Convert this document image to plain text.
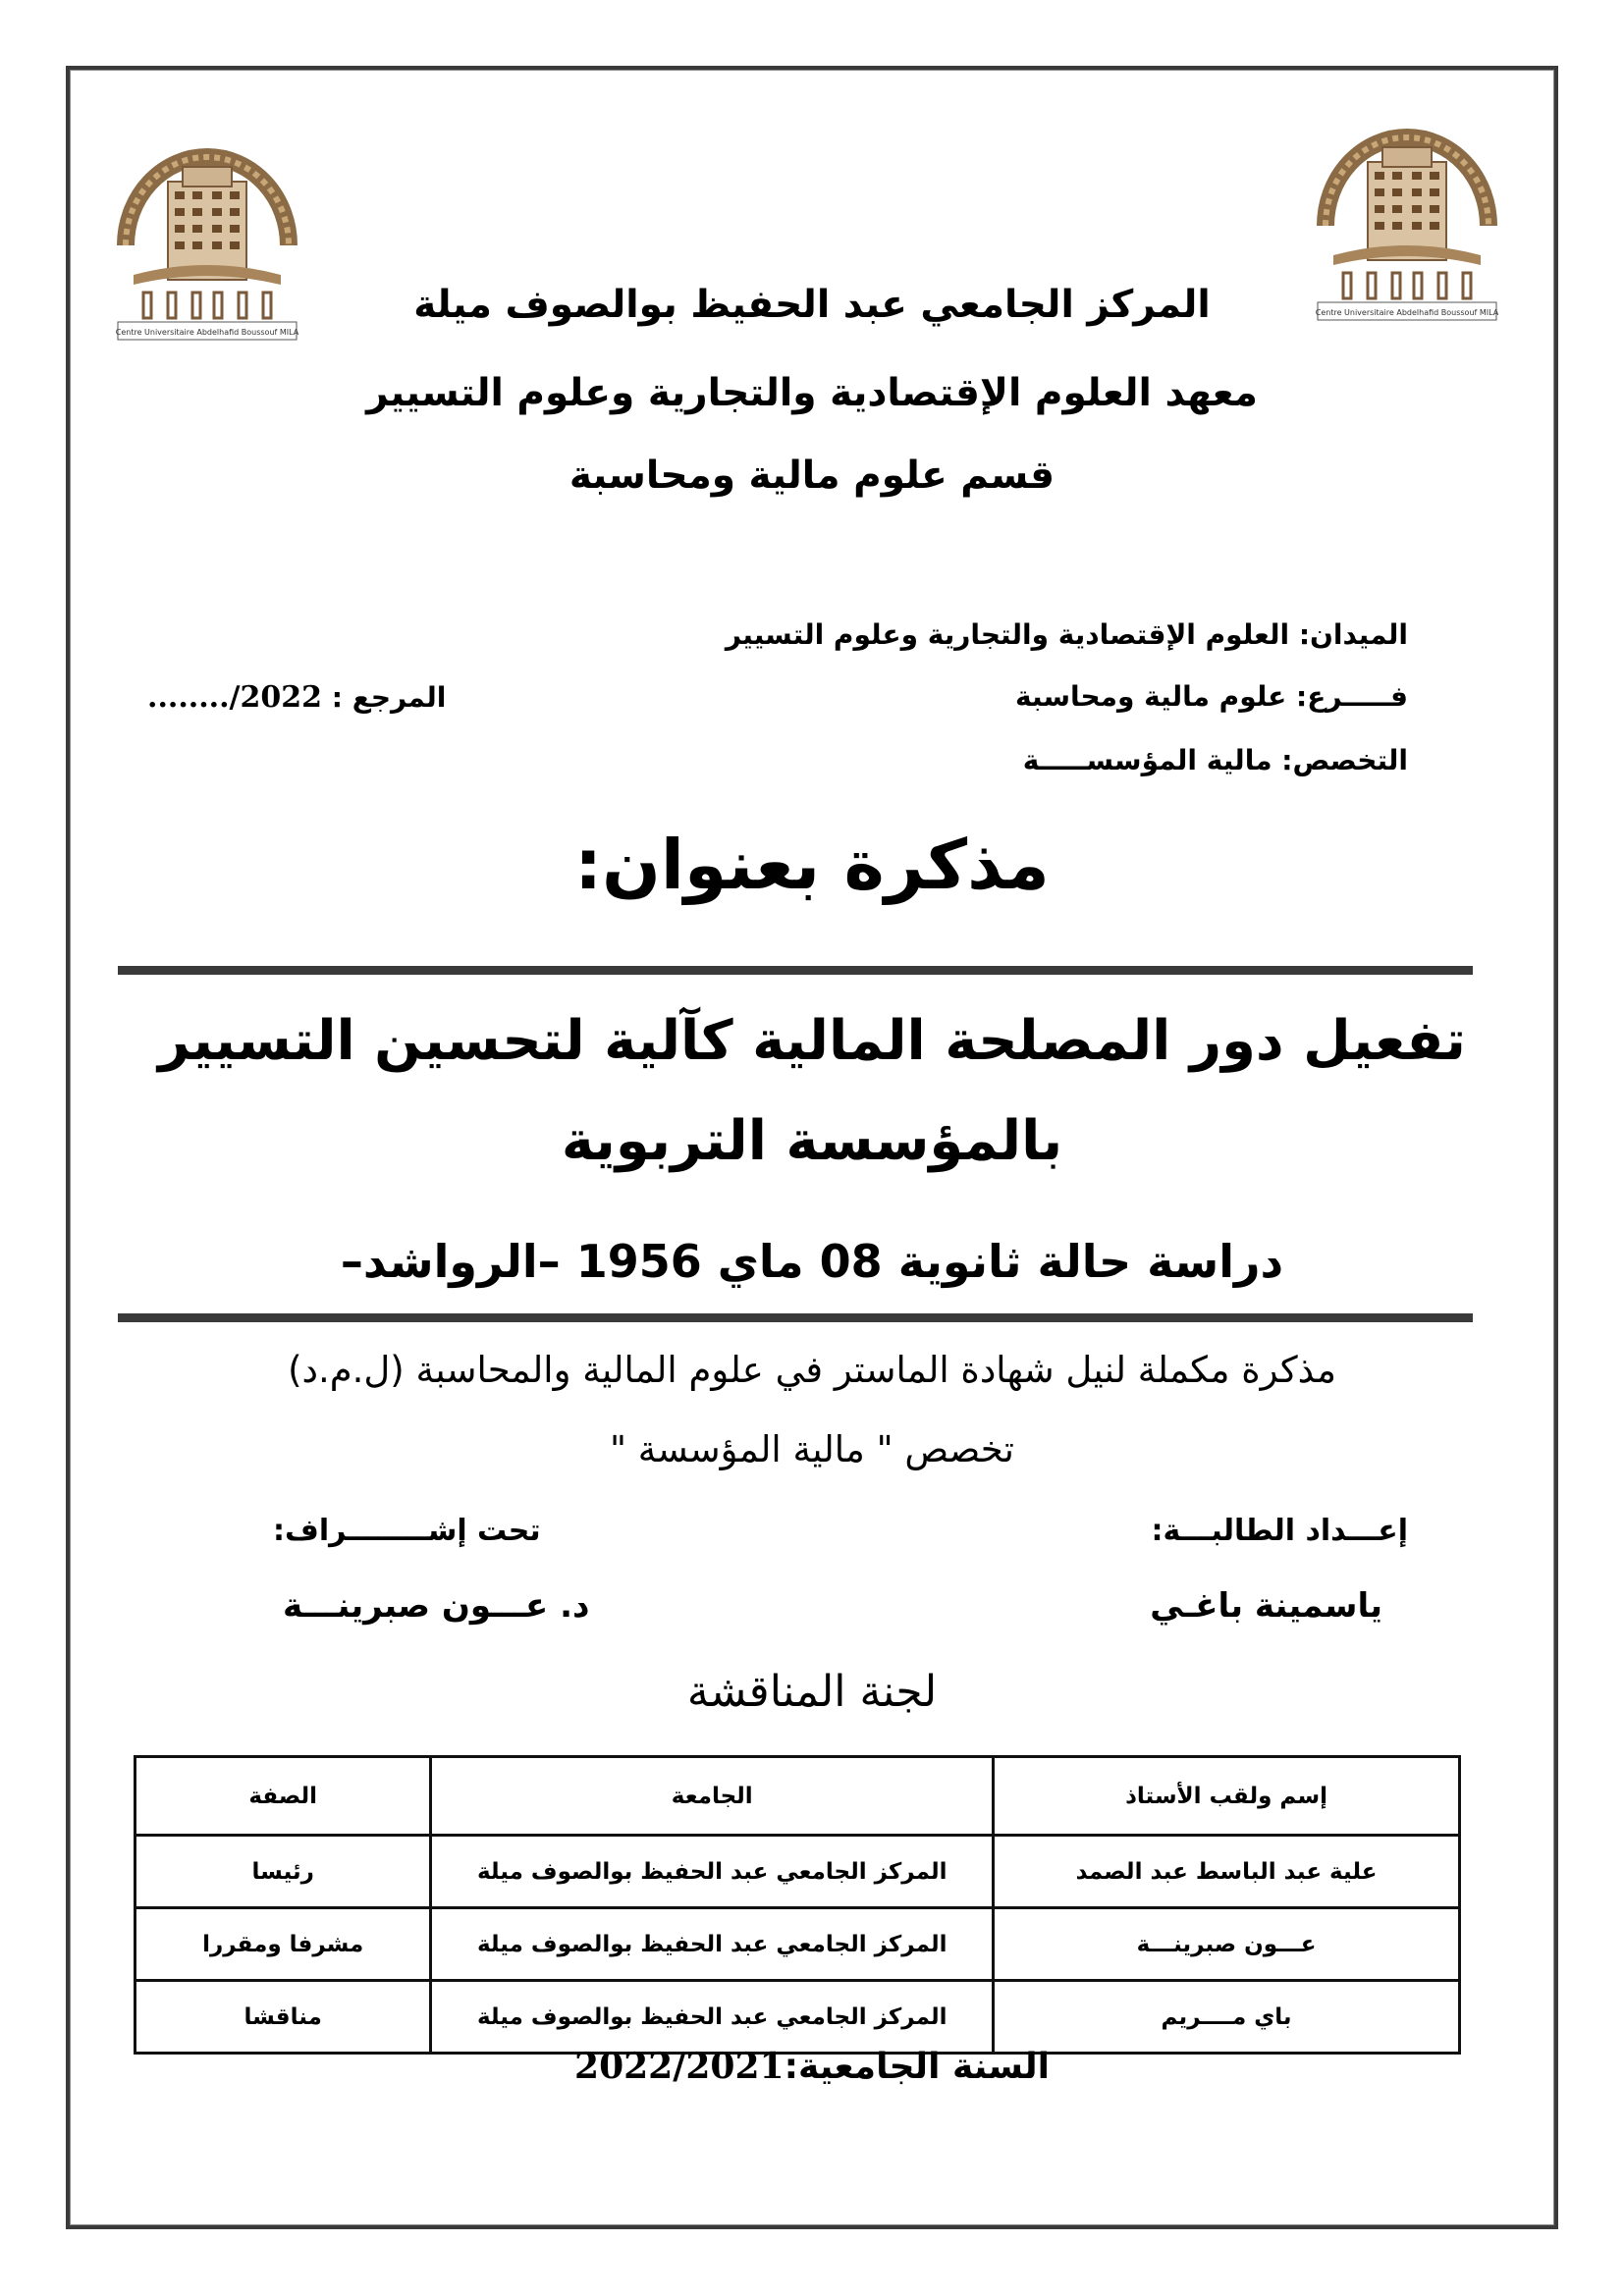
Centre Universitaire Abdelhafid Boussouf MILA
Centre Universitaire Abdelhafid Boussouf MILA
المركز الجامعي عبد الحفيظ بوالصوف ميلة
معهد العلوم الإقتصادية والتجارية وعلوم التسيير
قسم علوم مالية ومحاسبة
الميدان: العلوم الإقتصادية والتجارية وعلوم التسيير
فـــــرع: علوم مالية ومحاسبة
التخصص: مالية المؤسســـــة
المرجع : 2022/........
مذكرة بعنوان:
تفعيل دور المصلحة المالية كآلية لتحسين التسيير
بالمؤسسة التربوية
دراسة حالة ثانوية 08 ماي 1956 –الرواشد–
مذكرة مكملة لنيل شهادة الماستر في علوم المالية والمحاسبة (ل.م.د)
تخصص " مالية المؤسسة "
إعـــداد الطالبـــة:
ياسمينة باغـي
تحت إشــــــــراف:
د. عـــون صبرينـــة
لجنة المناقشة
إسم ولقب الأستاذ	الجامعة	الصفة
علية عبد الباسط عبد الصمد	المركز الجامعي عبد الحفيظ بوالصوف ميلة	رئيسا
عـــون صبرينـــة	المركز الجامعي عبد الحفيظ بوالصوف ميلة	مشرفا ومقررا
باي مــــريم	المركز الجامعي عبد الحفيظ بوالصوف ميلة	مناقشا
السنة الجامعية:2022/2021
